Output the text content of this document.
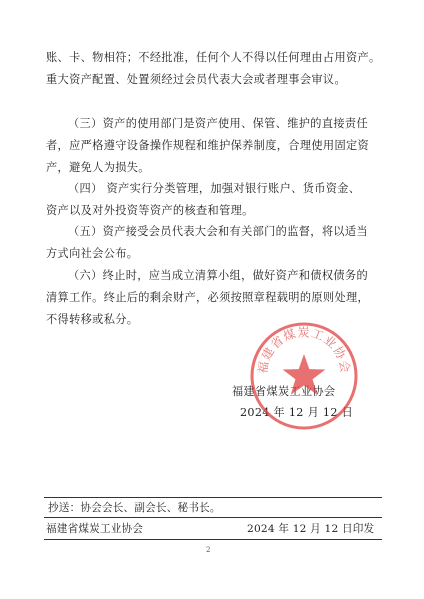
账、卡、物相符；不经批准，任何个人不得以任何理由占用资产。
重大资产配置、处置须经过会员代表大会或者理事会审议。
（三）资产的使用部门是资产使用、保管、维护的直接责任
者，应严格遵守设备操作规程和维护保养制度，合理使用固定资
产，避免人为损失。
（四） 资产实行分类管理，加强对银行账户、货币资金、
资产以及对外投资等资产的核查和管理。
（五）资产接受会员代表大会和有关部门的监督，将以适当
方式向社会公布。
（六）终止时，应当成立清算小组，做好资产和债权债务的
清算工作。终止后的剩余财产，必须按照章程载明的原则处理，
不得转移或私分。
福建省煤炭工业协会
2024 年 12 月 12 日
福建省煤炭工业协会
抄送：协会会长、副会长、秘书长。
福建省煤炭工业协会	2024 年 12 月 12 日印发
2
